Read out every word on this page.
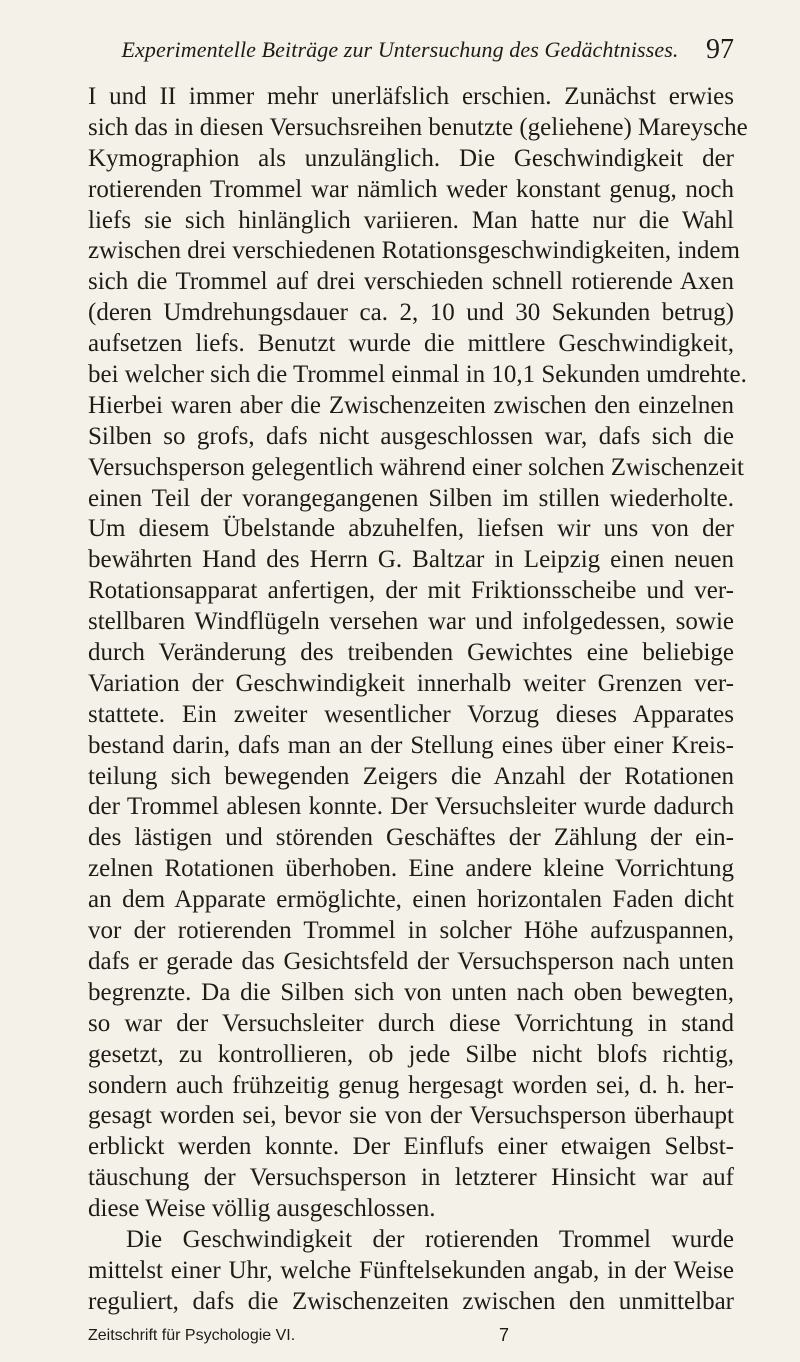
Experimentelle Beiträge zur Untersuchung des Gedächtnisses. 97
I und II immer mehr unerläfslich erschien. Zunächst erwies
sich das in diesen Versuchsreihen benutzte (geliehene) Mareysche
Kymographion als unzulänglich. Die Geschwindigkeit der
rotierenden Trommel war nämlich weder konstant genug, noch
liefs sie sich hinlänglich variieren. Man hatte nur die Wahl
zwischen drei verschiedenen Rotationsgeschwindigkeiten, indem
sich die Trommel auf drei verschieden schnell rotierende Axen
(deren Umdrehungsdauer ca. 2, 10 und 30 Sekunden betrug)
aufsetzen liefs. Benutzt wurde die mittlere Geschwindigkeit,
bei welcher sich die Trommel einmal in 10,1 Sekunden umdrehte.
Hierbei waren aber die Zwischenzeiten zwischen den einzelnen
Silben so grofs, dafs nicht ausgeschlossen war, dafs sich die
Versuchsperson gelegentlich während einer solchen Zwischenzeit
einen Teil der vorangegangenen Silben im stillen wiederholte.
Um diesem Übelstande abzuhelfen, liefsen wir uns von der
bewährten Hand des Herrn G. Baltzar in Leipzig einen neuen
Rotationsapparat anfertigen, der mit Friktionsscheibe und ver-
stellbaren Windflügeln versehen war und infolgedessen, sowie
durch Veränderung des treibenden Gewichtes eine beliebige
Variation der Geschwindigkeit innerhalb weiter Grenzen ver-
stattete. Ein zweiter wesentlicher Vorzug dieses Apparates
bestand darin, dafs man an der Stellung eines über einer Kreis-
teilung sich bewegenden Zeigers die Anzahl der Rotationen
der Trommel ablesen konnte. Der Versuchsleiter wurde dadurch
des lästigen und störenden Geschäftes der Zählung der ein-
zelnen Rotationen überhoben. Eine andere kleine Vorrichtung
an dem Apparate ermöglichte, einen horizontalen Faden dicht
vor der rotierenden Trommel in solcher Höhe aufzuspannen,
dafs er gerade das Gesichtsfeld der Versuchsperson nach unten
begrenzte. Da die Silben sich von unten nach oben bewegten,
so war der Versuchsleiter durch diese Vorrichtung in stand
gesetzt, zu kontrollieren, ob jede Silbe nicht blofs richtig,
sondern auch frühzeitig genug hergesagt worden sei, d. h. her-
gesagt worden sei, bevor sie von der Versuchsperson überhaupt
erblickt werden konnte. Der Einflufs einer etwaigen Selbst-
täuschung der Versuchsperson in letzterer Hinsicht war auf
diese Weise völlig ausgeschlossen.
Die Geschwindigkeit der rotierenden Trommel wurde
mittelst einer Uhr, welche Fünftelsekunden angab, in der Weise
reguliert, dafs die Zwischenzeiten zwischen den unmittelbar
Zeitschrift für Psychologie VI.	7
